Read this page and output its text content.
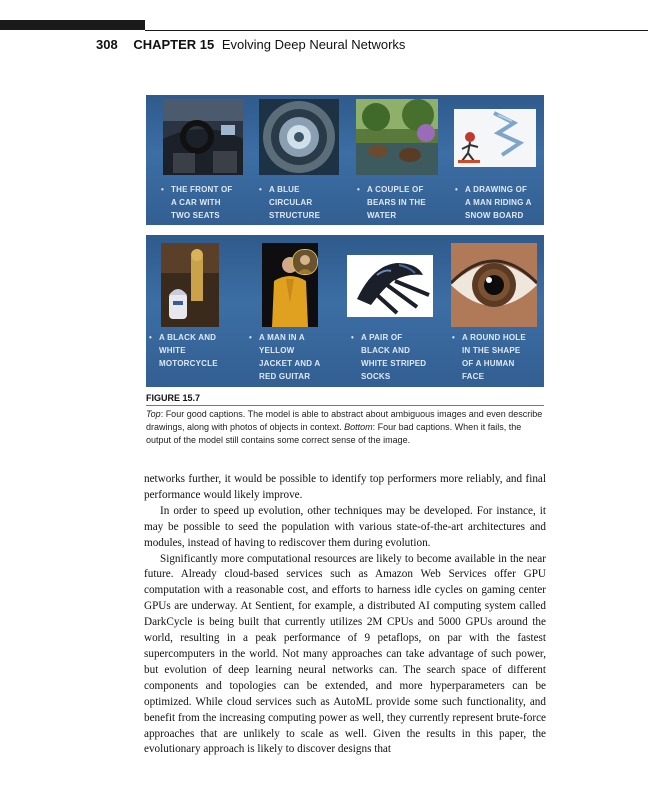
308 CHAPTER 15 Evolving Deep Neural Networks
• THE FRONT OF
A CAR WITH
TWO SEATS
• A BLUE
CIRCULAR
STRUCTURE
• A COUPLE OF
BEARS IN THE
WATER
• A DRAWING OF
A MAN RIDING A
SNOW BOARD
• A BLACK AND
WHITE
MOTORCYCLE
• A MAN IN A
YELLOW
JACKET AND A
RED GUITAR
• A PAIR OF
BLACK AND
WHITE STRIPED
SOCKS
• A ROUND HOLE
IN THE SHAPE
OF A HUMAN
FACE
FIGURE 15.7
Top: Four good captions. The model is able to abstract about ambiguous images and even describe drawings, along with photos of objects in context. Bottom: Four bad captions. When it fails, the output of the model still contains some correct sense of the image.

networks further, it would be possible to identify top performers more reliably, and final performance would likely improve.

In order to speed up evolution, other techniques may be developed. For instance, it may be possible to seed the population with various state-of-the-art architectures and modules, instead of having to rediscover them during evolution.

Significantly more computational resources are likely to become available in the near future. Already cloud-based services such as Amazon Web Services offer GPU computation with a reasonable cost, and efforts to harness idle cycles on gaming center GPUs are underway. At Sentient, for example, a distributed AI computing system called DarkCycle is being built that currently utilizes 2M CPUs and 5000 GPUs around the world, resulting in a peak performance of 9 petaflops, on par with the fastest supercomputers in the world. Not many approaches can take advantage of such power, but evolution of deep learning neural networks can. The search space of different components and topologies can be extended, and more hyperparameters can be optimized. While cloud services such as AutoML provide some such functionality, and benefit from the increasing computing power as well, they currently represent brute-force approaches that are unlikely to scale as well. Given the results in this paper, the evolutionary approach is likely to discover designs that
